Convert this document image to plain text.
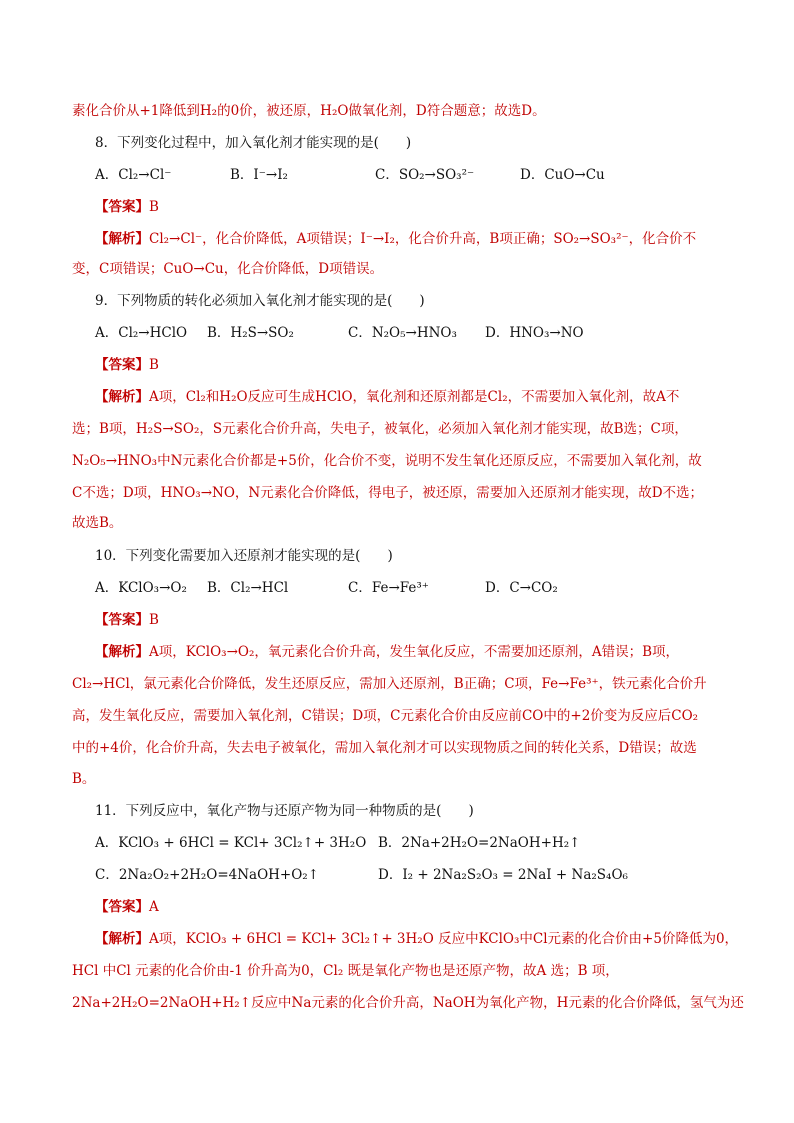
素化合价从+1降低到H₂的0价，被还原，H₂O做氧化剂，D符合题意；故选D。
8．下列变化过程中，加入氧化剂才能实现的是(　　)
A．Cl₂→Cl⁻	B．I⁻→I₂	C．SO₂→SO₃²⁻	D．CuO→Cu
【答案】B
【解析】Cl₂→Cl⁻，化合价降低，A项错误；I⁻→I₂，化合价升高，B项正确；SO₂→SO₃²⁻，化合价不
变，C项错误；CuO→Cu，化合价降低，D项错误。
9．下列物质的转化必须加入氧化剂才能实现的是(　　)
A．Cl₂→HClO B．H₂S→SO₂	C．N₂O₅→HNO₃ D．HNO₃→NO
【答案】B
【解析】A项，Cl₂和H₂O反应可生成HClO，氧化剂和还原剂都是Cl₂，不需要加入氧化剂，故A不
选；B项，H₂S→SO₂，S元素化合价升高，失电子，被氧化，必须加入氧化剂才能实现，故B选；C项，
N₂O₅→HNO₃中N元素化合价都是+5价，化合价不变，说明不发生氧化还原反应，不需要加入氧化剂，故
C不选；D项，HNO₃→NO，N元素化合价降低，得电子，被还原，需要加入还原剂才能实现，故D不选；
故选B。
10．下列变化需要加入还原剂才能实现的是(　　)
A．KClO₃→O₂ B．Cl₂→HCl	C．Fe→Fe³⁺	D．C→CO₂
【答案】B
【解析】A项，KClO₃→O₂，氧元素化合价升高，发生氧化反应，不需要加还原剂，A错误；B项，
Cl₂→HCl，氯元素化合价降低，发生还原反应，需加入还原剂，B正确；C项，Fe→Fe³⁺，铁元素化合价升
高，发生氧化反应，需要加入氧化剂，C错误；D项，C元素化合价由反应前CO中的+2价变为反应后CO₂
中的+4价，化合价升高，失去电子被氧化，需加入氧化剂才可以实现物质之间的转化关系，D错误；故选
B。
11．下列反应中，氧化产物与还原产物为同一种物质的是(　　)
A．KClO₃ + 6HCl = KCl+ 3Cl₂↑+ 3H₂O B．2Na+2H₂O=2NaOH+H₂↑
C．2Na₂O₂+2H₂O=4NaOH+O₂↑	D．I₂ + 2Na₂S₂O₃ = 2NaI + Na₂S₄O₆
【答案】A
【解析】A项，KClO₃ + 6HCl = KCl+ 3Cl₂↑+ 3H₂O 反应中KClO₃中Cl元素的化合价由+5价降低为0，
HCl 中Cl 元素的化合价由-1 价升高为0，Cl₂ 既是氧化产物也是还原产物，故A 选；B 项，
2Na+2H₂O=2NaOH+H₂↑反应中Na元素的化合价升高，NaOH为氧化产物，H元素的化合价降低，氢气为还
